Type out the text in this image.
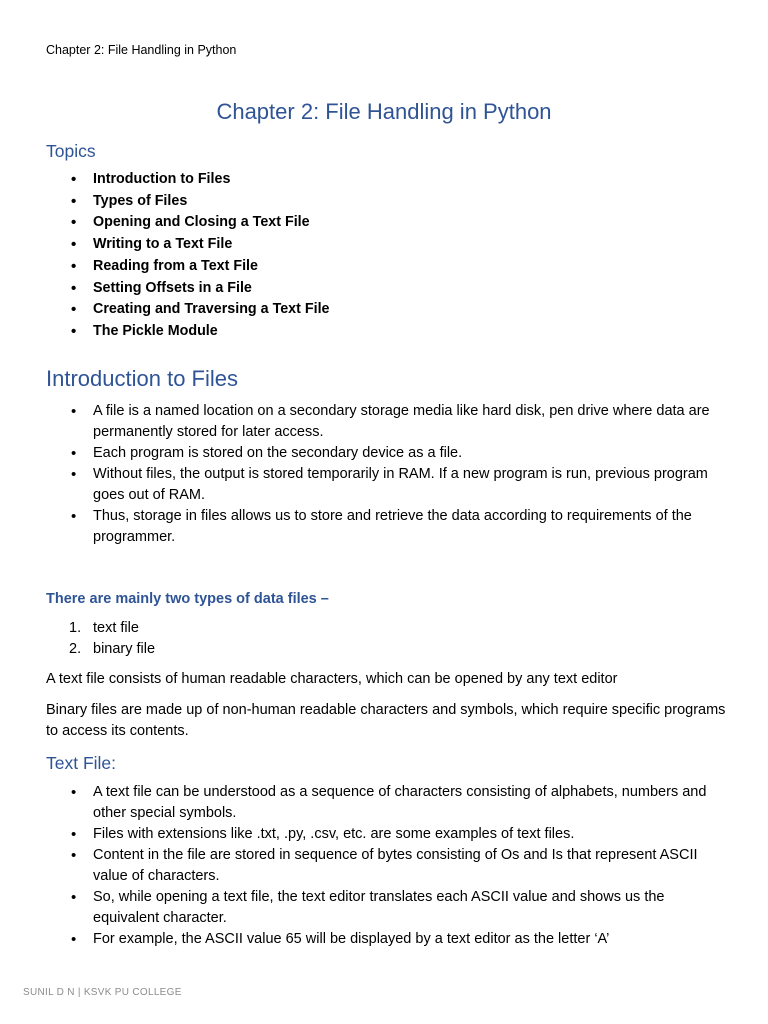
Chapter 2: File Handling in Python
Chapter 2: File Handling in Python
Topics
• Introduction to Files
• Types of Files
• Opening and Closing a Text File
• Writing to a Text File
• Reading from a Text File
• Setting Offsets in a File
• Creating and Traversing a Text File
• The Pickle Module
Introduction to Files
• A file is a named location on a secondary storage media like hard disk, pen drive where data are permanently stored for later access.
• Each program is stored on the secondary device as a file.
• Without files, the output is stored temporarily in RAM. If a new program is run, previous program goes out of RAM.
• Thus, storage in files allows us to store and retrieve the data according to requirements of the programmer.
There are mainly two types of data files –
1. text file
2. binary file

A text file consists of human readable characters, which can be opened by any text editor

Binary files are made up of non-human readable characters and symbols, which require specific programs to access its contents.

Text File:
• A text file can be understood as a sequence of characters consisting of alphabets, numbers and other special symbols.
• Files with extensions like .txt, .py, .csv, etc. are some examples of text files.
• Content in the file are stored in sequence of bytes consisting of Os and Is that represent ASCII value of characters.
• So, while opening a text file, the text editor translates each ASCII value and shows us the equivalent character.
• For example, the ASCII value 65 will be displayed by a text editor as the letter ‘A’
SUNIL D N | KSVK PU COLLEGE
